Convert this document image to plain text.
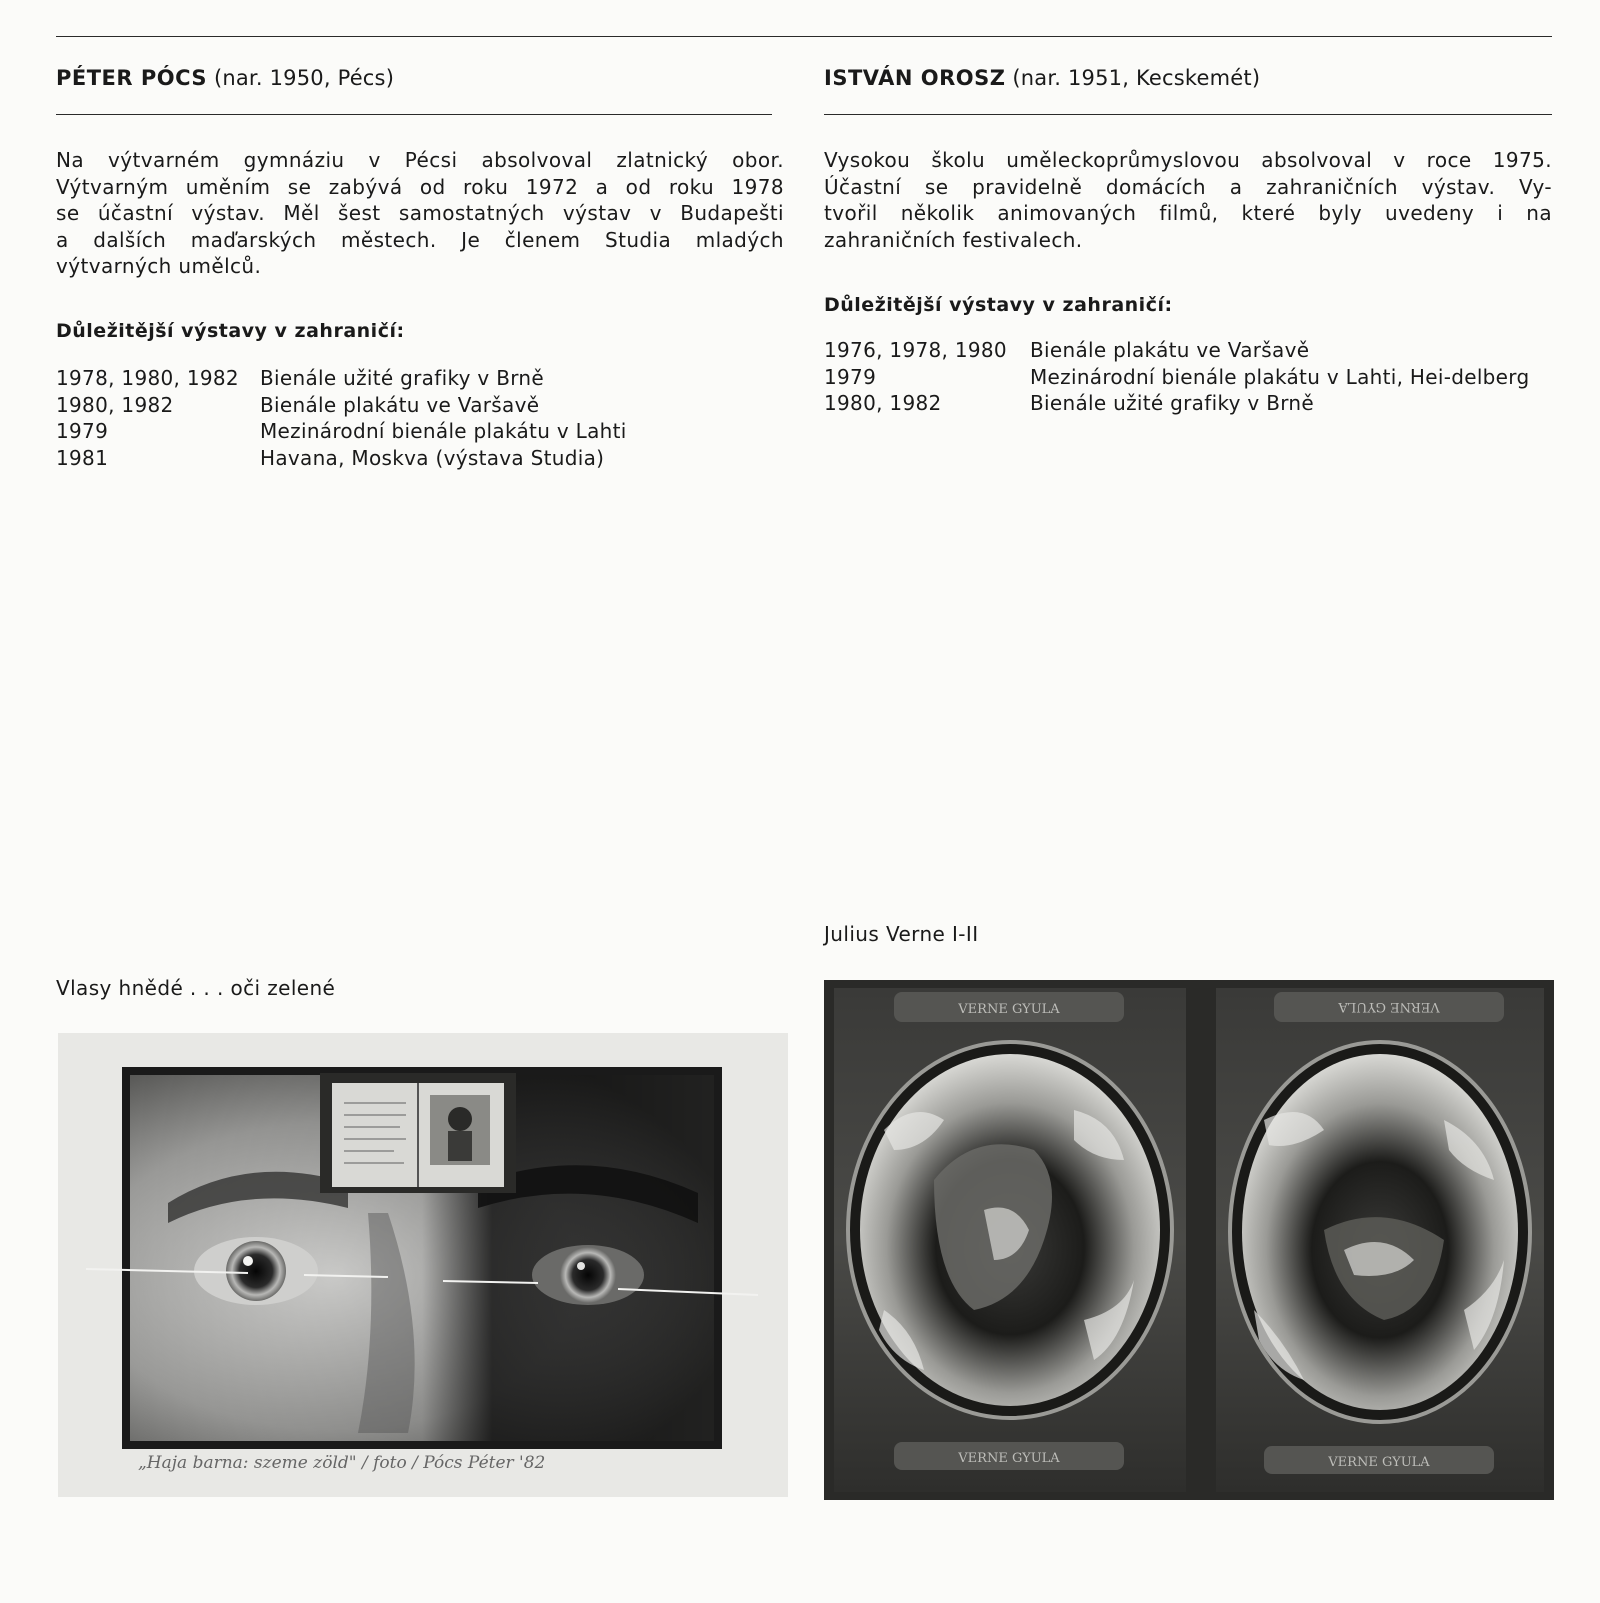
PÉTER PÓCS (nar. 1950, Pécs)
Na výtvarném gymnáziu v Pécsi absolvoval zlatnický obor.
Výtvarným uměním se zabývá od roku 1972 a od roku 1978
se účastní výstav. Měl šest samostatných výstav v Budapešti
a dalších maďarských městech. Je členem Studia mladých
výtvarných umělců.
Důležitější výstavy v zahraničí:
1978, 1980, 1982	Bienále užité grafiky v Brně
1980, 1982	Bienále plakátu ve Varšavě
1979	Mezinárodní bienále plakátu v Lahti
1981	Havana, Moskva (výstava Studia)
Vlasy hnědé . . . oči zelené
„Haja barna: szeme zöld" / foto / Pócs Péter '82
ISTVÁN OROSZ (nar. 1951, Kecskemét)
Vysokou školu uměleckoprůmyslovou absolvoval v roce 1975.
Účastní se pravidelně domácích a zahraničních výstav. Vy-
tvořil několik animovaných filmů, které byly uvedeny i na
zahraničních festivalech.
Důležitější výstavy v zahraničí:
1976, 1978, 1980	Bienále plakátu ve Varšavě
1979	Mezinárodní bienále plakátu v Lahti, Hei-delberg
1980, 1982	Bienále užité grafiky v Brně
Julius Verne I-II
VERNE GYULA	VERNE GYULA
VERNE GYULA	VERNE GYULA
